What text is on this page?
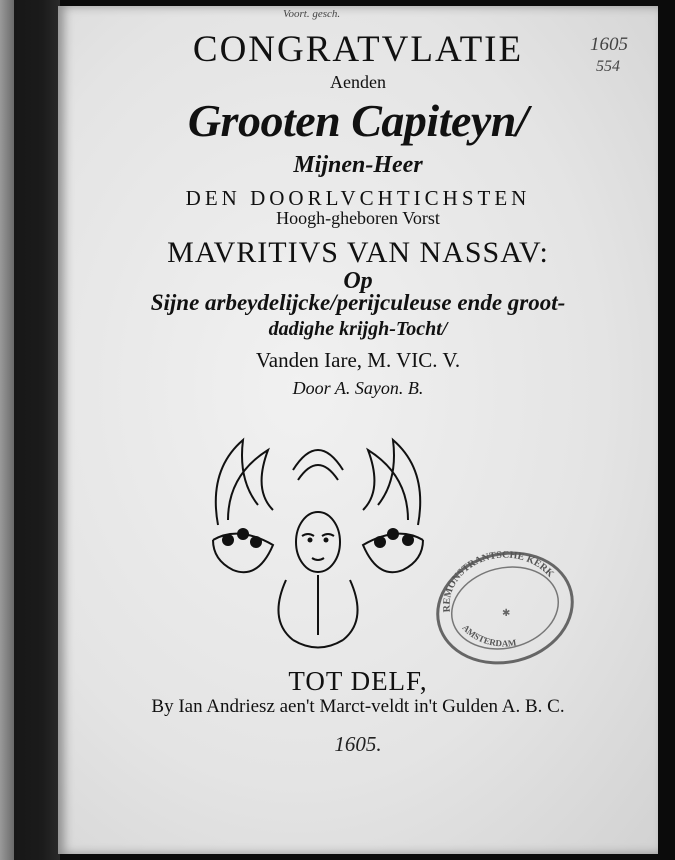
Voort. gesch.
1605
554
CONGRATVLATIE
Aenden
Grooten Capiteyn/
Mijnen-Heer
DEN DOORLVCHTICHSTEN
Hoogh-gheboren Vorst
MAVRITIVS VAN NASSAV:
Op
Sijne arbeydelijcke/perijculeuse ende groot-
dadighe krijgh-Tocht/
Vanden Iare, M. VIC. V.
Door A. Sayon. B.
REMONSTRANTSCHE KERK
AMSTERDAM
✱
TOT DELF,
By Ian Andriesz aen't Marct-veldt in't Gulden A. B. C.
1605.
